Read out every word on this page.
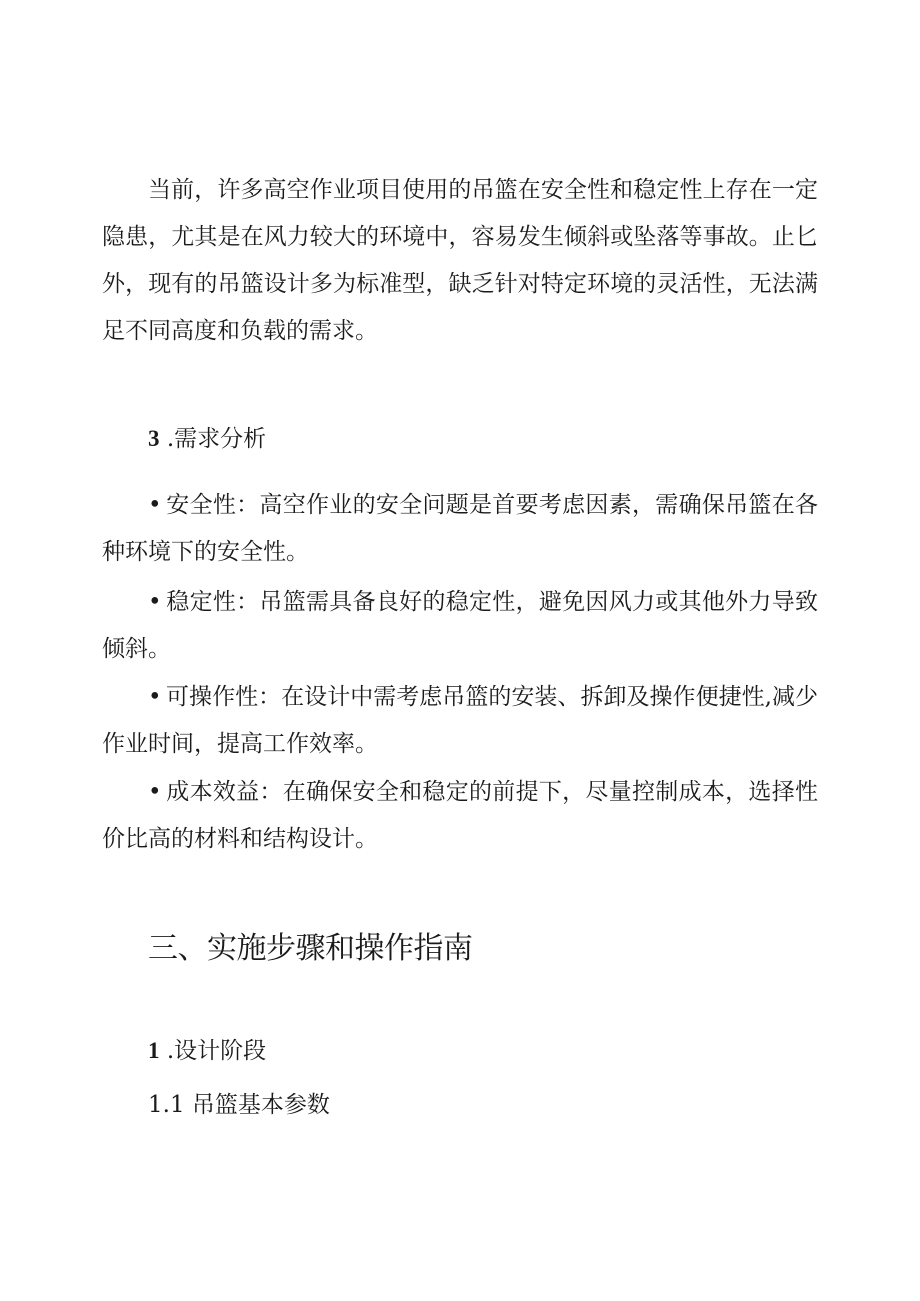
当前，许多高空作业项目使用的吊篮在安全性和稳定性上存在一定隐患，尤其是在风力较大的环境中，容易发生倾斜或坠落等事故。止匕外，现有的吊篮设计多为标准型，缺乏针对特定环境的灵活性，无法满足不同高度和负载的需求。

3 .需求分析

• 安全性：高空作业的安全问题是首要考虑因素，需确保吊篮在各种环境下的安全性。

• 稳定性：吊篮需具备良好的稳定性，避免因风力或其他外力导致倾斜。

• 可操作性：在设计中需考虑吊篮的安装、拆卸及操作便捷性,减少作业时间，提高工作效率。

• 成本效益：在确保安全和稳定的前提下，尽量控制成本，选择性价比高的材料和结构设计。

三、实施步骤和操作指南

1 .设计阶段

1.1 吊篮基本参数
